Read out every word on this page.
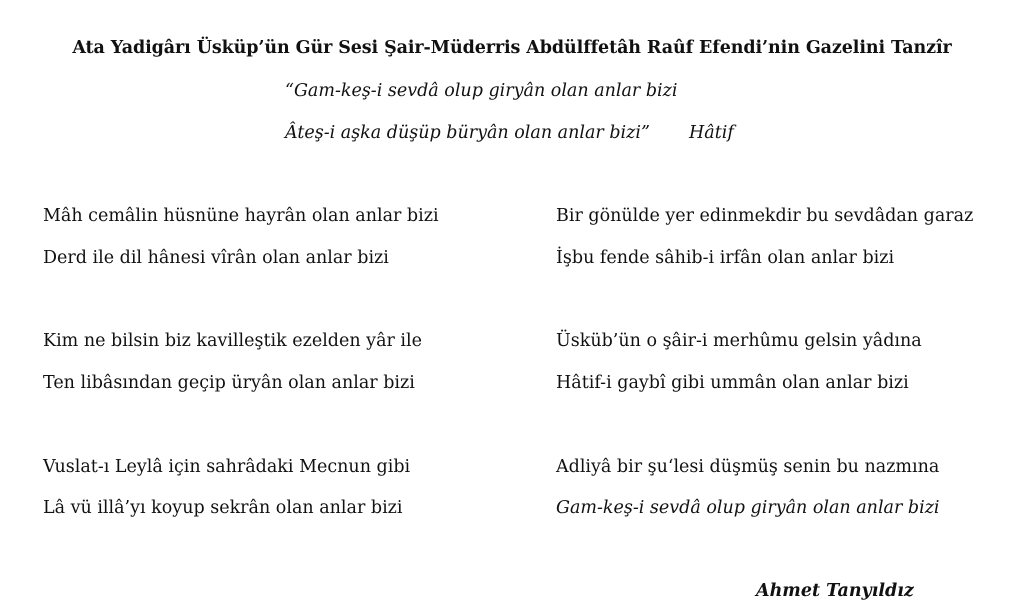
Ata Yadigârı Üsküp’ün Gür Sesi Şair-Müderris Abdülffetâh Raûf Efendi’nin Gazelini Tanzîr
“Gam-keş-i sevdâ olup giryân olan anlar bizi
Âteş-i aşka düşüp büryân olan anlar bizi” Hâtif
Mâh cemâlin hüsnüne hayrân olan anlar bizi
Derd ile dil hânesi vîrân olan anlar bizi
Bir gönülde yer edinmekdir bu sevdâdan garaz
İşbu fende sâhib-i irfân olan anlar bizi
Kim ne bilsin biz kavilleştik ezelden yâr ile
Ten libâsından geçip üryân olan anlar bizi
Üsküb’ün o şâir-i merhûmu gelsin yâdına
Hâtif-i gaybî gibi ummân olan anlar bizi
Vuslat-ı Leylâ için sahrâdaki Mecnun gibi
Lâ vü illâ’yı koyup sekrân olan anlar bizi
Adliyâ bir şu‘lesi düşmüş senin bu nazmına
Gam-keş-i sevdâ olup giryân olan anlar bizi
Ahmet Tanyıldız
